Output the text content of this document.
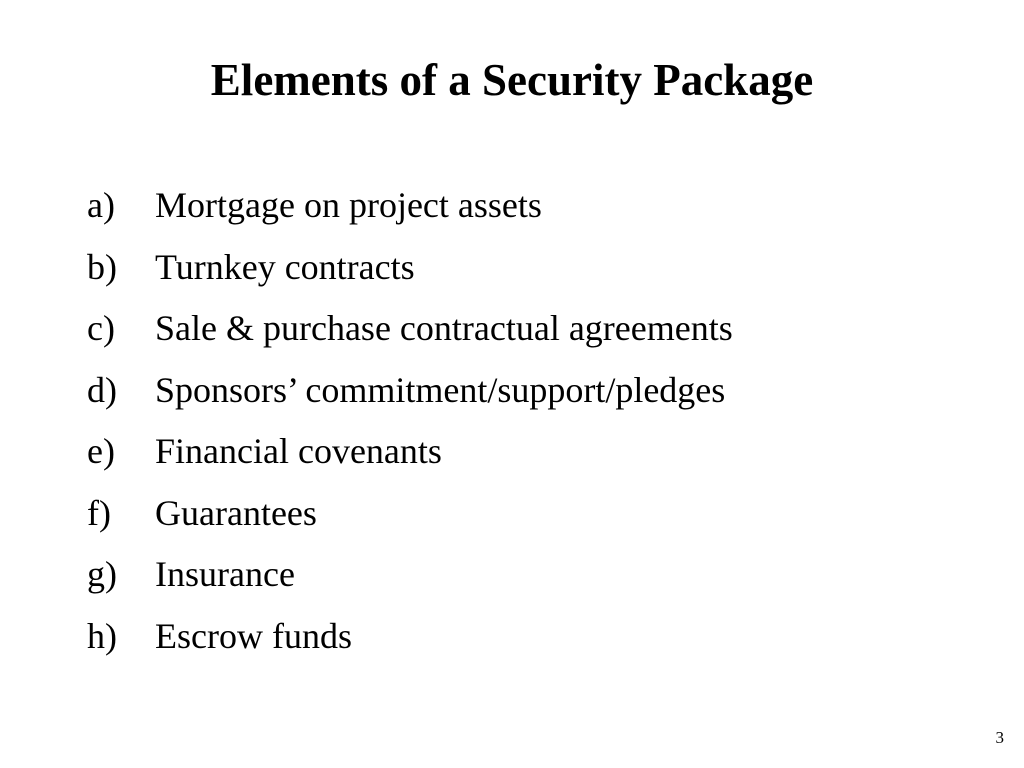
Elements of a Security Package
a)	Mortgage on project assets
b)	Turnkey contracts
c)	Sale & purchase contractual agreements
d)	Sponsors’ commitment/support/pledges
e)	Financial covenants
f)	Guarantees
g)	Insurance
h)	Escrow funds
3
